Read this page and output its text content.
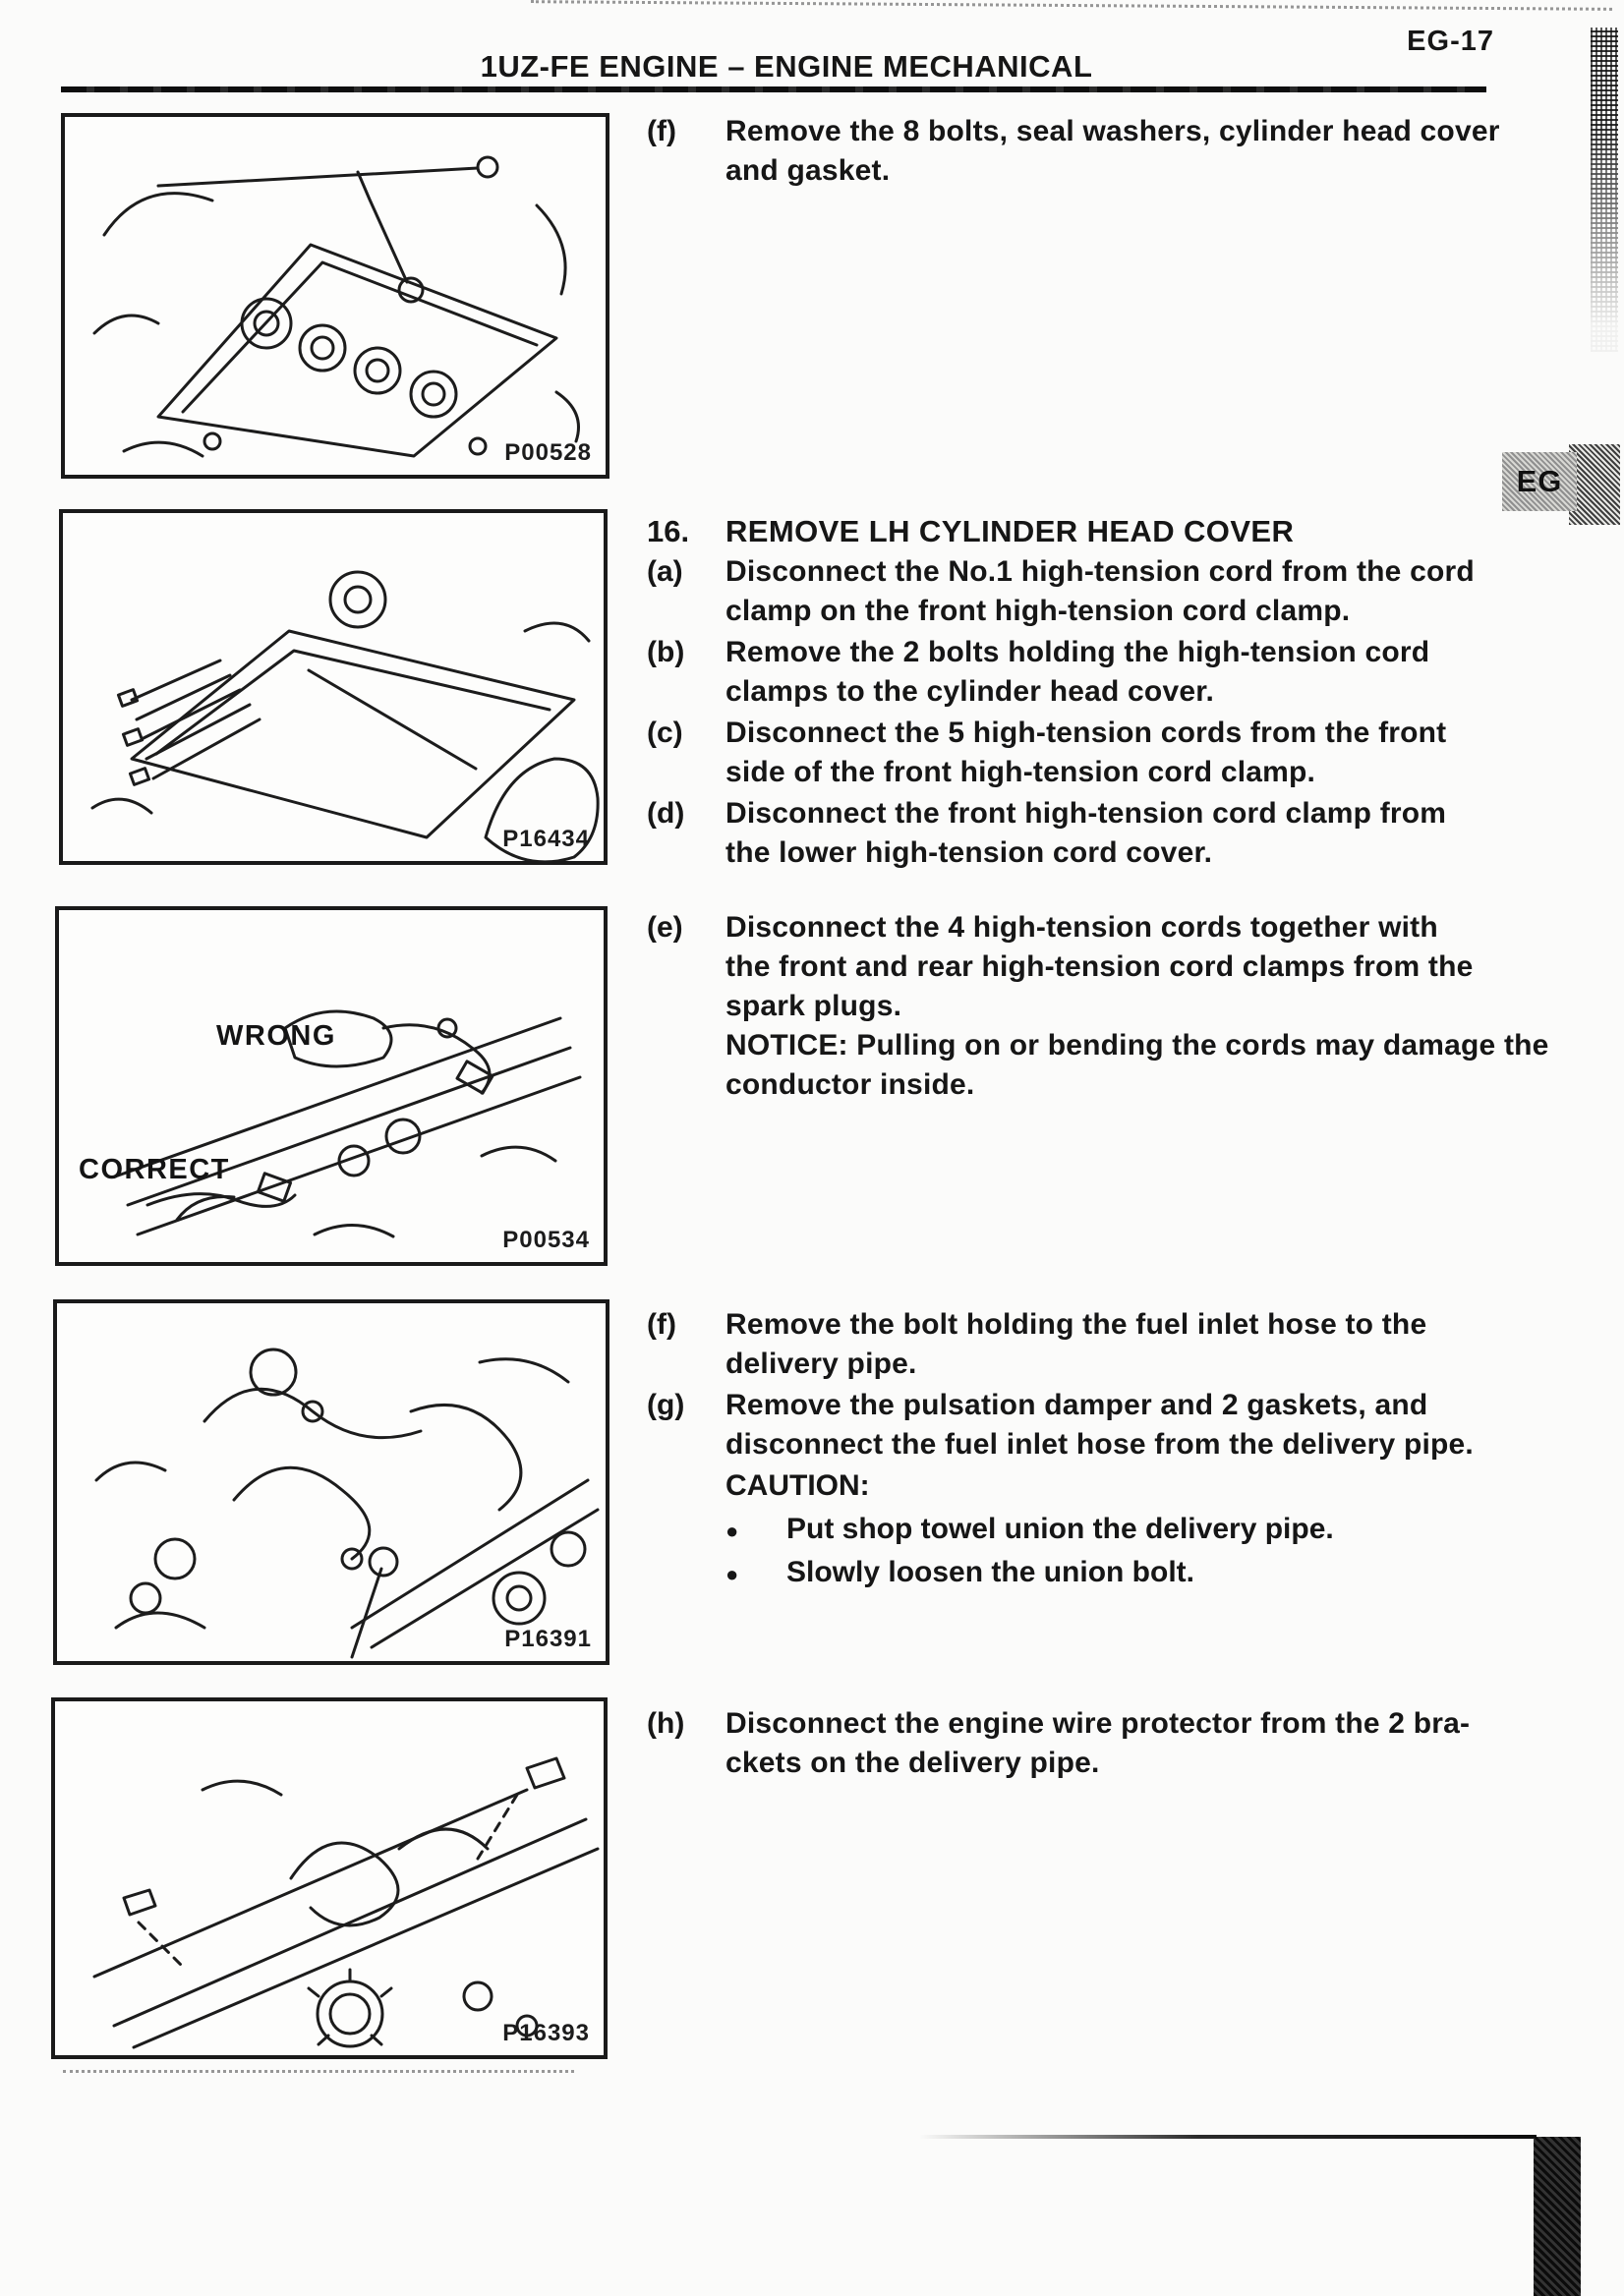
1UZ-FE ENGINE – ENGINE MECHANICAL
EG-17
EG
P00528
P16434
WRONG
CORRECT
P00534
P16391
P16393
(f) Remove the 8 bolts, seal washers, cylinder head cover
and gasket.
16. REMOVE LH CYLINDER HEAD COVER
(a) Disconnect the No.1 high-tension cord from the cord
clamp on the front high-tension cord clamp.
(b) Remove the 2 bolts holding the high-tension cord
clamps to the cylinder head cover.
(c) Disconnect the 5 high-tension cords from the front
side of the front high-tension cord clamp.
(d) Disconnect the front high-tension cord clamp from
the lower high-tension cord cover.
(e) Disconnect the 4 high-tension cords together with
the front and rear high-tension cord clamps from the
spark plugs.
NOTICE: Pulling on or bending the cords may damage the
conductor inside.
(f) Remove the bolt holding the fuel inlet hose to the
delivery pipe.
(g) Remove the pulsation damper and 2 gaskets, and
disconnect the fuel inlet hose from the delivery pipe.
CAUTION:
● Put shop towel union the delivery pipe.
● Slowly loosen the union bolt.
(h) Disconnect the engine wire protector from the 2 bra-
ckets on the delivery pipe.
